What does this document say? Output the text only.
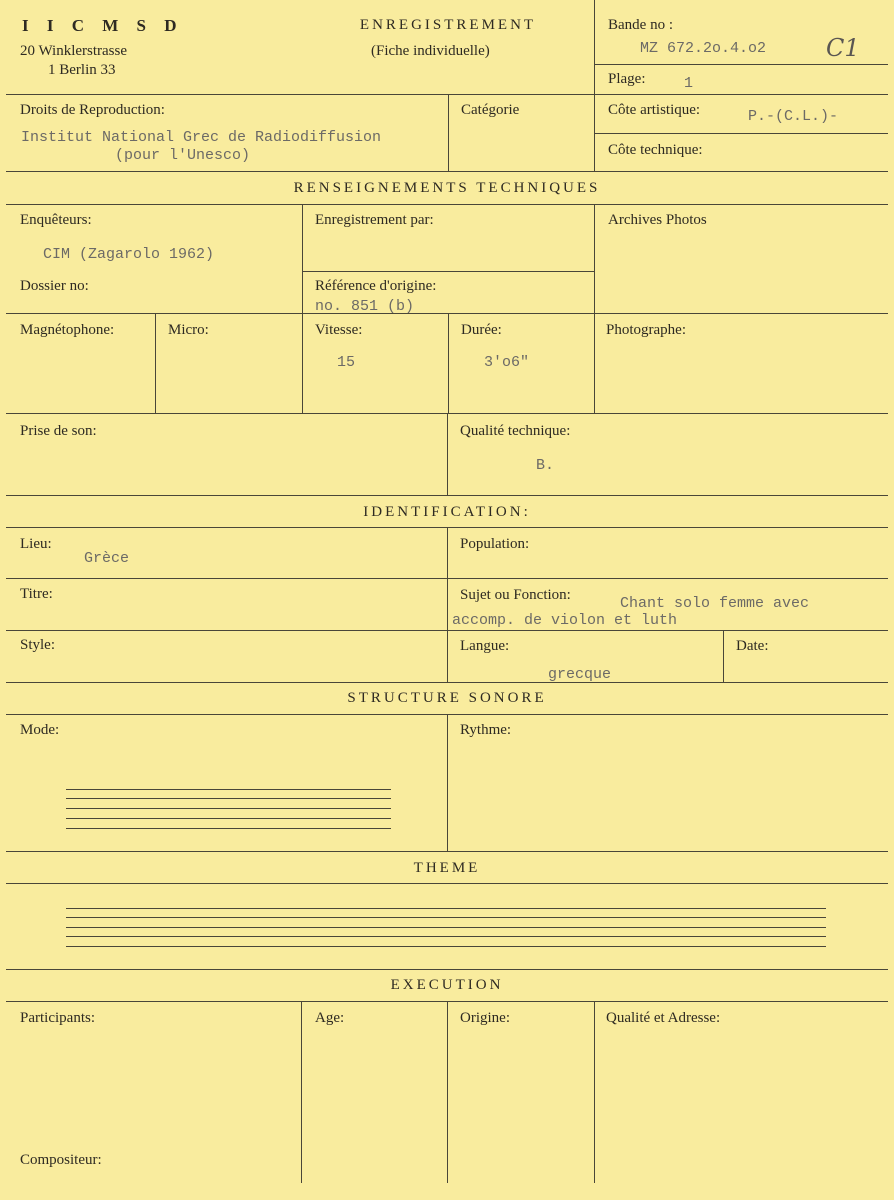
I I C M S D
20 Winklerstrasse
1 Berlin 33
ENREGISTREMENT
(Fiche individuelle)
Bande no :
MZ 672.2o.4.o2 C1
Plage:	1
Droits de Reproduction:
Institut National Grec de Radiodiffusion
(pour l'Unesco)
Catégorie	Côte artistique:	P.-(C.L.)-
Côte technique:
RENSEIGNEMENTS TECHNIQUES
Enquêteurs:
CIM (Zagarolo 1962)
Enregistrement par:	Archives Photos
Dossier no:	Référence d'origine:
no. 851 (b)
Magnétophone:	Micro:	Vitesse:
15
Durée:
3'o6"
Photographe:
Prise de son:	Qualité technique:
B.
IDENTIFICATION:
Lieu:
Grèce
Population:
Titre:	Sujet ou Fonction:	Chant solo femme avec
accomp. de violon et luth
Style:	Langue:
grecque
Date:
STRUCTURE SONORE
Mode:	Rythme:
THEME
EXECUTION
Participants:	Age:	Origine:	Qualité et Adresse:
Compositeur:
